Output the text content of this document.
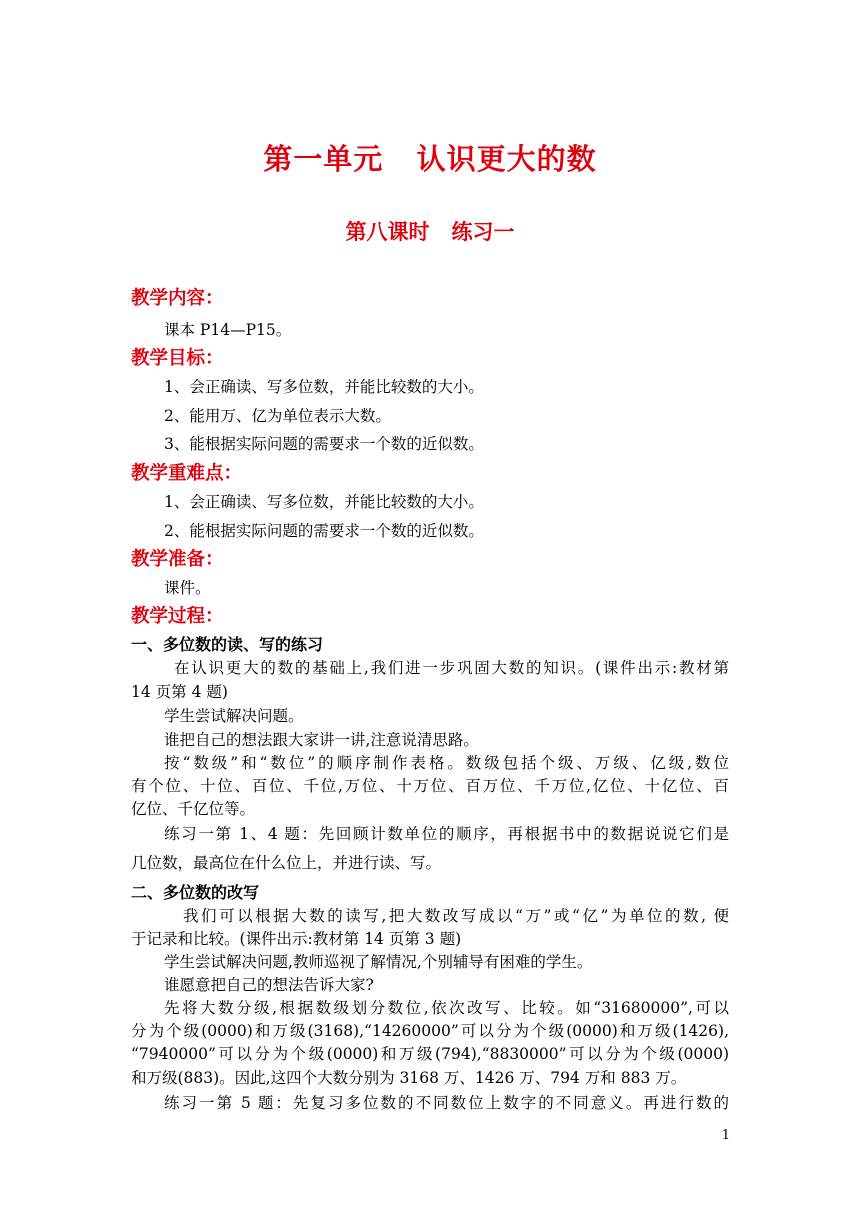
第一单元   认识更大的数
第八课时   练习一
教学内容：
课本 P14—P15。
教学目标：
1、会正确读、写多位数，并能比较数的大小。
2、能用万、亿为单位表示大数。
3、能根据实际问题的需要求一个数的近似数。
教学重难点：
1、会正确读、写多位数，并能比较数的大小。
2、能根据实际问题的需要求一个数的近似数。
教学准备：
课件。
教学过程：
一、多位数的读、写的练习
在认识更大的数的基础上,我们进一步巩固大数的知识。(课件出示:教材第
14 页第 4 题)
学生尝试解决问题。
谁把自己的想法跟大家讲一讲,注意说清思路。
按“数级”和“数位”的顺序制作表格。数级包括个级、万级、亿级,数位
有个位、十位、百位、千位,万位、十万位、百万位、千万位,亿位、十亿位、百
亿位、千亿位等。
练习一第 1、4 题：先回顾计数单位的顺序，再根据书中的数据说说它们是
几位数，最高位在什么位上，并进行读、写。
二、多位数的改写
我们可以根据大数的读写,把大数改写成以“万”或“亿”为单位的数, 便
于记录和比较。(课件出示:教材第 14 页第 3 题)
学生尝试解决问题,教师巡视了解情况,个别辅导有困难的学生。
谁愿意把自己的想法告诉大家?
先将大数分级,根据数级划分数位,依次改写、比较。如“31680000”,可以
分为个级(0000)和万级(3168),“14260000”可以分为个级(0000)和万级(1426),
“7940000”可以分为个级(0000)和万级(794),“8830000”可以分为个级(0000)
和万级(883)。因此,这四个大数分别为 3168 万、1426 万、794 万和 883 万。
练习一第 5 题：先复习多位数的不同数位上数字的不同意义。再进行数的
1
